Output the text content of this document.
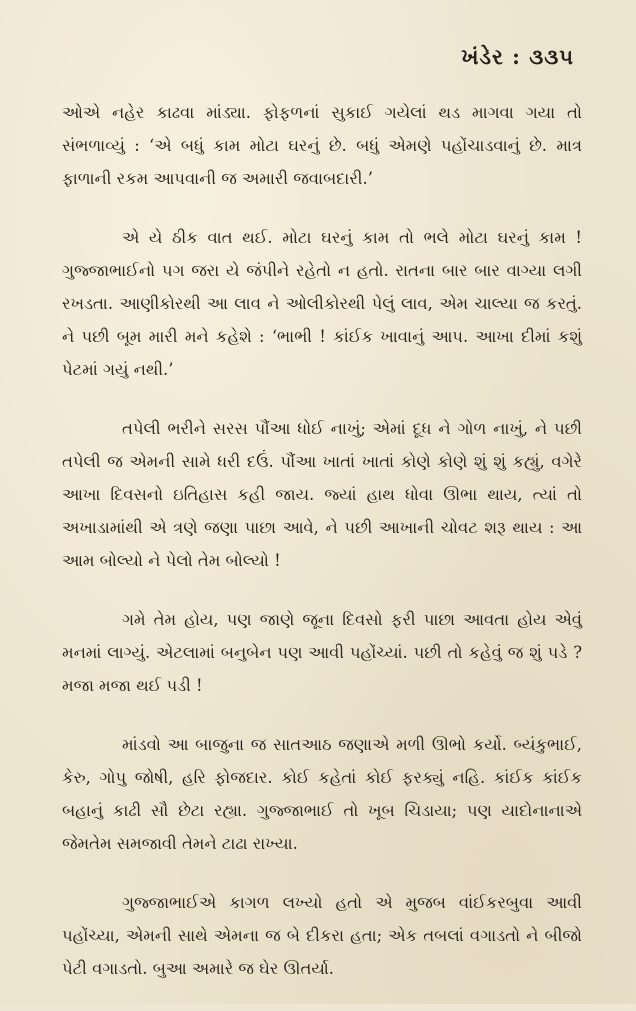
ખંડેર : ૩૩૫

ઓએ નહેર કાઢવા માંડ્યા. ફોફળનાં સુકાઈ ગયેલાં થડ માગવા ગયા તો સંભળાવ્યું : ‘એ બધું કામ મોટા ઘરનું છે. બધું એમણે પહોંચાડવાનું છે. માત્ર ફાળાની રકમ આપવાની જ અમારી જવાબદારી.’

એ યે ઠીક વાત થઈ. મોટા ઘરનું કામ તો ભલે મોટા ઘરનું કામ ! ગુજ્જાભાઈનો પગ જરા યે જંપીને રહેતો ન હતો. રાતના બાર બાર વાગ્યા લગી રખડતા. આણીકોરથી આ લાવ ને ઓલીકોરથી પેલું લાવ, એમ ચાલ્યા જ કરતું. ને પછી બૂમ મારી મને કહેશે : ‘ભાભી ! કાંઈક ખાવાનું આપ. આખા દીમાં કશું પેટમાં ગયું નથી.’

તપેલી ભરીને સરસ પૌંઆ ધોઈ નાખું; એમાં દૂધ ને ગોળ નાખું, ને પછી તપેલી જ એમની સામે ધરી દઉં. પૌંઆ ખાતાં ખાતાં કોણે કોણે શું શું કહ્યું, વગેરે આખા દિવસનો ઇતિહાસ કહી જાય. જ્યાં હાથ ધોવા ઊભા થાય, ત્યાં તો અખાડામાંથી એ ત્રણે જણા પાછા આવે, ને પછી આખાની ચોવટ શરૂ થાય : આ આમ બોલ્યો ને પેલો તેમ બોલ્યો !

ગમે તેમ હોય, પણ જાણે જૂના દિવસો ફરી પાછા આવતા હોય એવું મનમાં લાગ્યું. એટલામાં બનુબેન પણ આવી પહોંચ્યાં. પછી તો કહેવું જ શું પડે ? મજા મજા થઈ પડી !

માંડવો આ બાજુના જ સાતઆઠ જણાએ મળી ઊભો કર્યો. બ્યંકુભાઈ, કેરુ, ગોપુ જોષી, હરિ ફોજદાર. કોઈ કહેતાં કોઈ ફરક્યું નહિ. કાંઈક કાંઈક બહાનું કાઢી સૌ છેટા રહ્યા. ગુજ્જાભાઈ તો ખૂબ ચિડાયા; પણ યાદોનાનાએ જેમતેમ સમજાવી તેમને ટાઢા રાખ્યા.

ગુજ્જાભાઈએ કાગળ લખ્યો હતો એ મુજબ વાંઈકરબુવા આવી પહોંચ્યા, એમની સાથે એમના જ બે દીકરા હતા; એક તબલાં વગાડતો ને બીજો પેટી વગાડતો. બુઆ અમારે જ ઘેર ઊતર્યા.
